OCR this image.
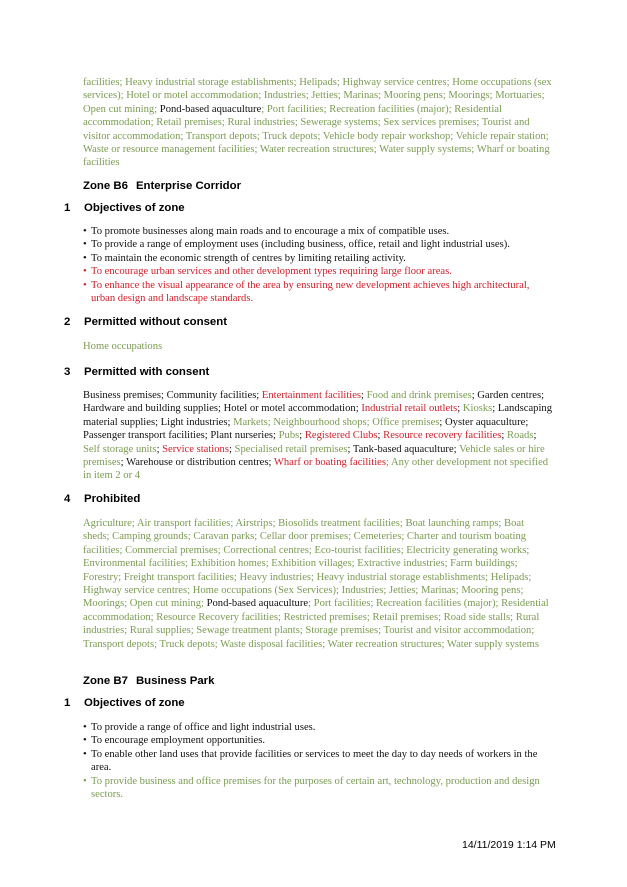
facilities; Heavy industrial storage establishments; Helipads; Highway service centres; Home occupations (sex services); Hotel or motel accommodation; Industries; Jetties; Marinas; Mooring pens; Moorings; Mortuaries; Open cut mining; Pond-based aquaculture; Port facilities; Recreation facilities (major); Residential accommodation; Retail premises; Rural industries; Sewerage systems; Sex services premises; Tourist and visitor accommodation; Transport depots; Truck depots; Vehicle body repair workshop; Vehicle repair station; Waste or resource management facilities; Water recreation structures; Water supply systems; Wharf or boating facilities
Zone B6 Enterprise Corridor
1 Objectives of zone
• To promote businesses along main roads and to encourage a mix of compatible uses.
• To provide a range of employment uses (including business, office, retail and light industrial uses).
• To maintain the economic strength of centres by limiting retailing activity.
• To encourage urban services and other development types requiring large floor areas.
• To enhance the visual appearance of the area by ensuring new development achieves high architectural, urban design and landscape standards.
2 Permitted without consent
Home occupations
3 Permitted with consent
Business premises; Community facilities; Entertainment facilities; Food and drink premises; Garden centres; Hardware and building supplies; Hotel or motel accommodation; Industrial retail outlets; Kiosks; Landscaping material supplies; Light industries; Markets; Neighbourhood shops; Office premises; Oyster aquaculture; Passenger transport facilities; Plant nurseries; Pubs; Registered Clubs; Resource recovery facilities; Roads; Self storage units; Service stations; Specialised retail premises; Tank-based aquaculture; Vehicle sales or hire premises; Warehouse or distribution centres; Wharf or boating facilities; Any other development not specified in item 2 or 4
4 Prohibited
Agriculture; Air transport facilities; Airstrips; Biosolids treatment facilities; Boat launching ramps; Boat sheds; Camping grounds; Caravan parks; Cellar door premises; Cemeteries; Charter and tourism boating facilities; Commercial premises; Correctional centres; Eco-tourist facilities; Electricity generating works; Environmental facilities; Exhibition homes; Exhibition villages; Extractive industries; Farm buildings; Forestry; Freight transport facilities; Heavy industries; Heavy industrial storage establishments; Helipads; Highway service centres; Home occupations (Sex Services); Industries; Jetties; Marinas; Mooring pens; Moorings; Open cut mining; Pond-based aquaculture; Port facilities; Recreation facilities (major); Residential accommodation; Resource Recovery facilities; Restricted premises; Retail premises; Road side stalls; Rural industries; Rural supplies; Sewage treatment plants; Storage premises; Tourist and visitor accommodation; Transport depots; Truck depots; Waste disposal facilities; Water recreation structures; Water supply systems
Zone B7 Business Park
1 Objectives of zone
• To provide a range of office and light industrial uses.
• To encourage employment opportunities.
• To enable other land uses that provide facilities or services to meet the day to day needs of workers in the area.
• To provide business and office premises for the purposes of certain art, technology, production and design sectors.
14/11/2019 1:14 PM
